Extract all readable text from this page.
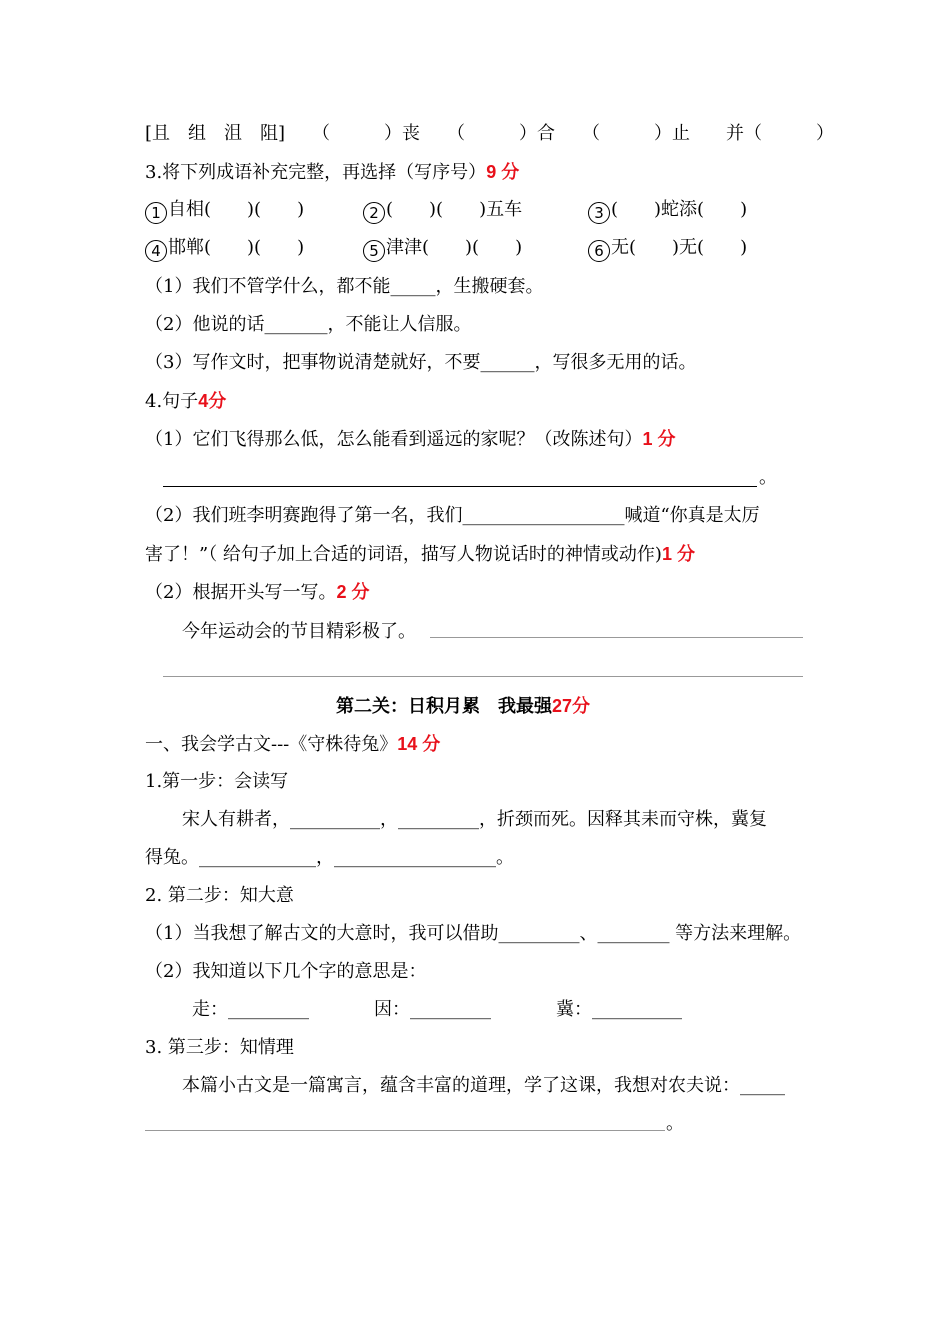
[且　组　沮　阻]　　（　　　）丧　　（　　　）合　　（　　　）止　　并（　　　）
3.将下列成语补充完整，再选择（写序号）9 分
1 自相(　　)(　　)	2 (　　)(　　)五车	3 (　　)蛇添(　　)
4 邯郸(　　)(　　)	5 津津(　　)(　　)	6 无(　　)无(　　)
（1）我们不管学什么，都不能_____，生搬硬套。
（2）他说的话_______，不能让人信服。
（3）写作文时，把事物说清楚就好，不要______，写很多无用的话。
4.句子4分
（1）它们飞得那么低，怎么能看到遥远的家呢？（改陈述句）1 分
。
（2）我们班李明赛跑得了第一名，我们__________________喊道“你真是太厉
害了！”（ 给句子加上合适的词语，描写人物说话时的神情或动作)1 分
（2）根据开头写一写。2 分
今年运动会的节目精彩极了。
第二关：日积月累　我最强27分
一、我会学古文---《守株待兔》14 分
1.第一步：会读写
宋人有耕者，__________，_________，折颈而死。因释其耒而守株，冀复
得兔。_____________，__________________。
2. 第二步：知大意
（1）当我想了解古文的大意时，我可以借助_________、________ 等方法来理解。
（2）我知道以下几个字的意思是：
走：_________	因：_________	冀：__________
3. 第三步：知情理
本篇小古文是一篇寓言，蕴含丰富的道理，学了这课，我想对农夫说：_____
。
